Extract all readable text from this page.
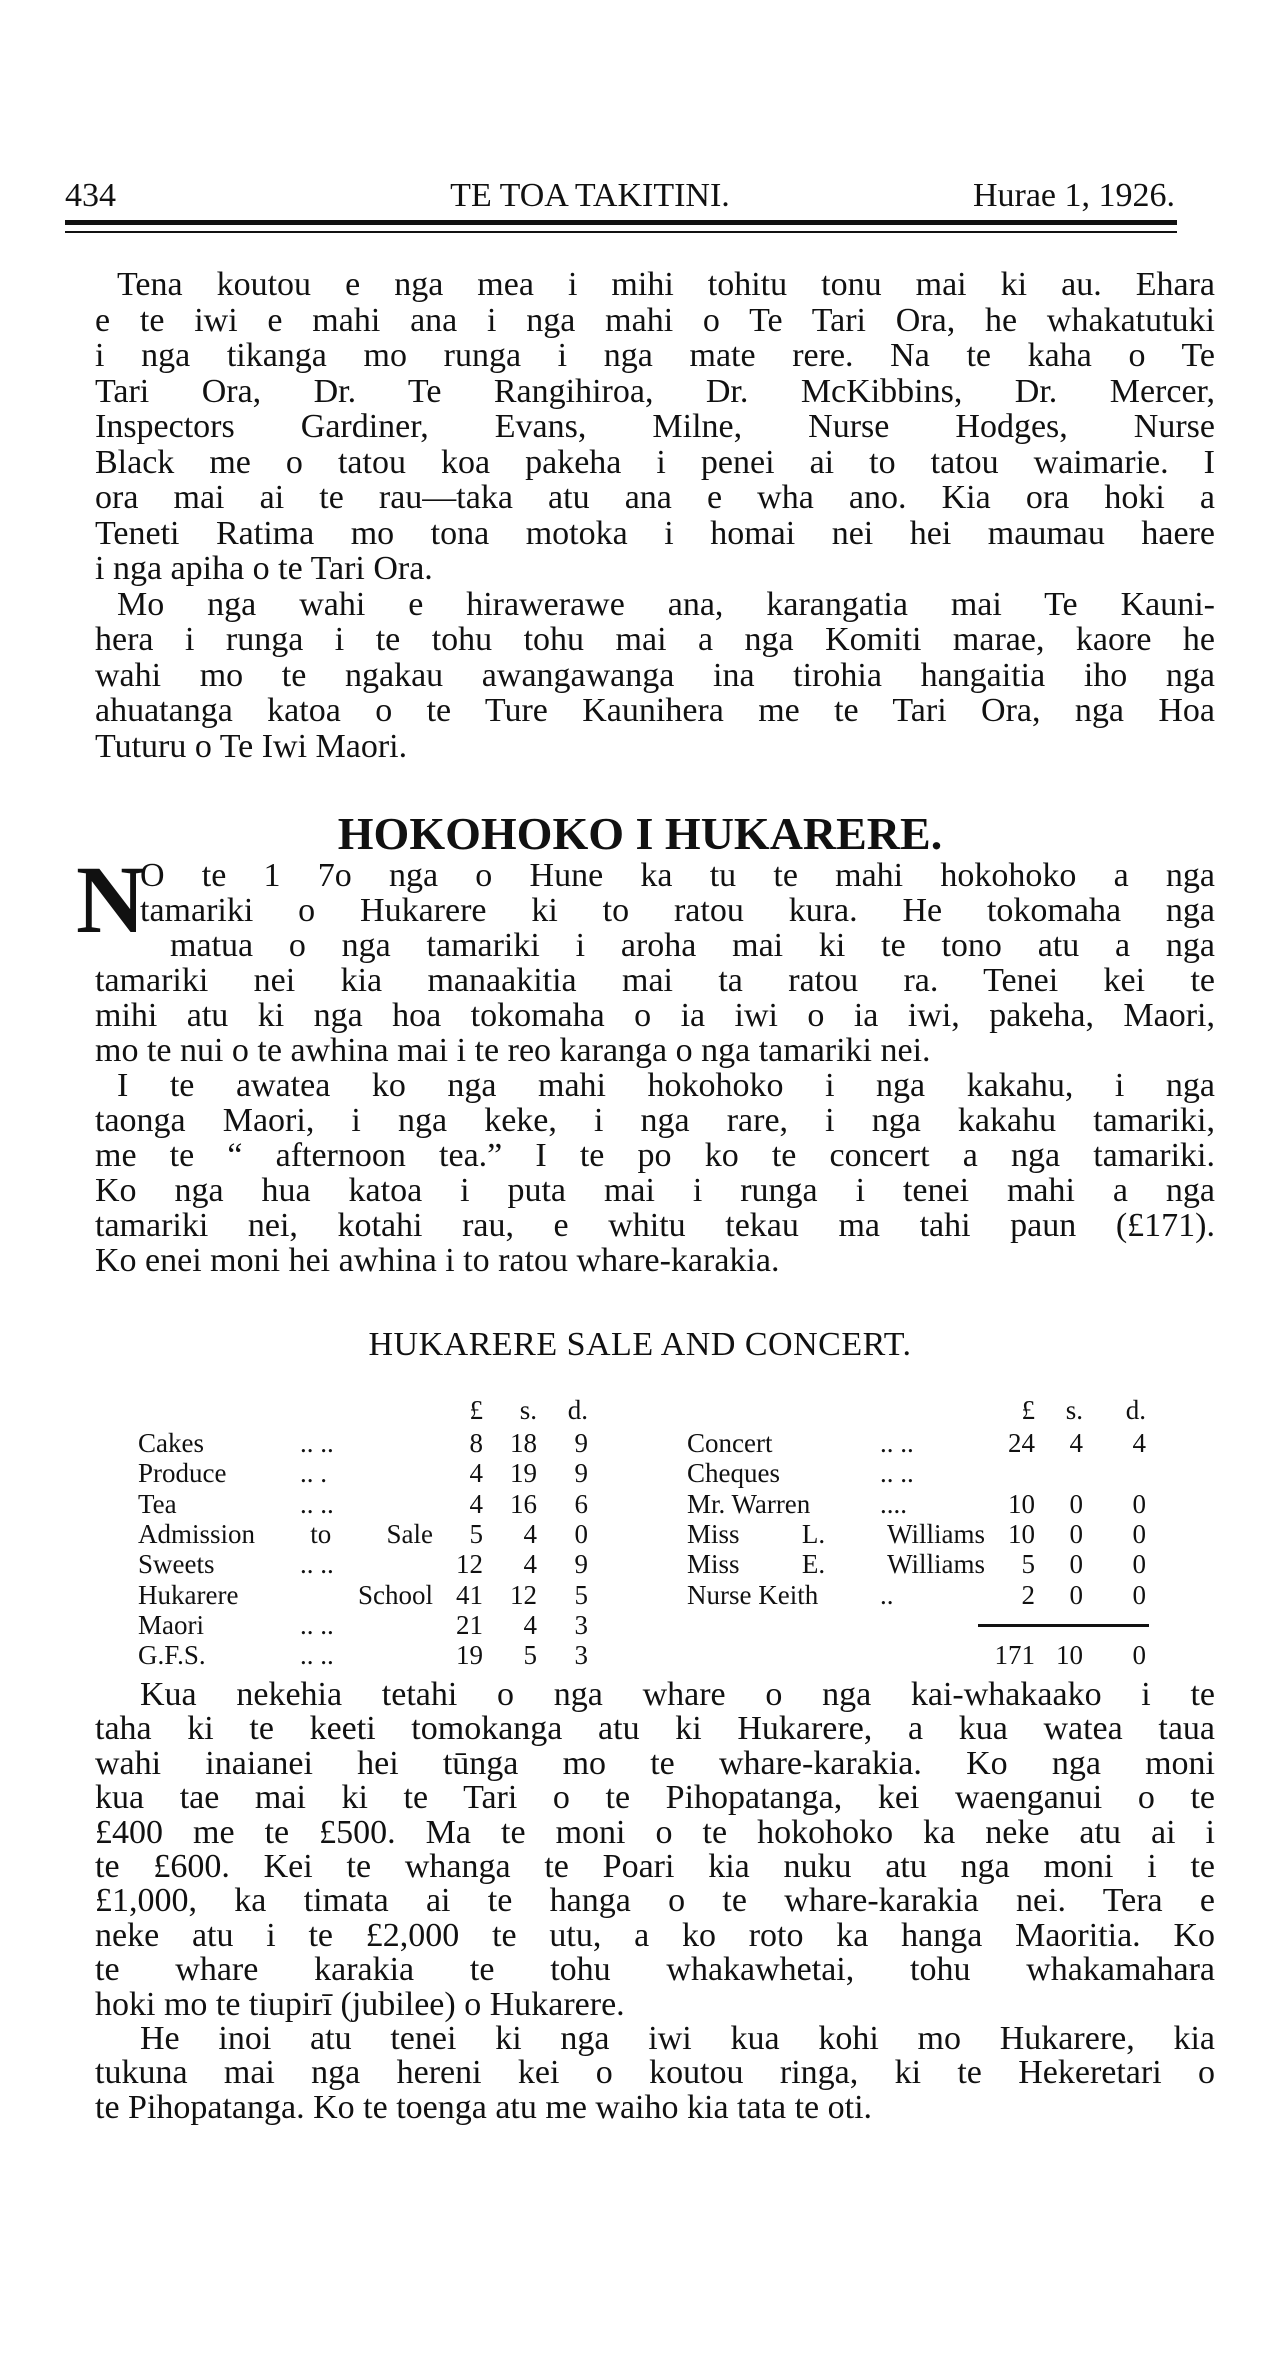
434	TE TOA TAKITINI.	Hurae 1, 1926.
Tena koutou e nga mea i mihi tohitu tonu mai ki au. Ehara
e te iwi e mahi ana i nga mahi o Te Tari Ora, he whakatutuki
i nga tikanga mo runga i nga mate rere. Na te kaha o Te
Tari Ora, Dr. Te Rangihiroa, Dr. McKibbins, Dr. Mercer,
Inspectors Gardiner, Evans, Milne, Nurse Hodges, Nurse
Black me o tatou koa pakeha i penei ai to tatou waimarie. I
ora mai ai te rau—taka atu ana e wha ano. Kia ora hoki a
Teneti Ratima mo tona motoka i homai nei hei maumau haere
i nga apiha o te Tari Ora.
Mo nga wahi e hirawerawe ana, karangatia mai Te Kauni-
hera i runga i te tohu tohu mai a nga Komiti marae, kaore he
wahi mo te ngakau awangawanga ina tirohia hangaitia iho nga
ahuatanga katoa o te Ture Kaunihera me te Tari Ora, nga Hoa
Tuturu o Te Iwi Maori.
HOKOHOKO I HUKARERE.
N
O te 1 7o nga o Hune ka tu te mahi hokohoko a nga
tamariki o Hukarere ki to ratou kura. He tokomaha nga
matua o nga tamariki i aroha mai ki te tono atu a nga
tamariki nei kia manaakitia mai ta ratou ra. Tenei kei te
mihi atu ki nga hoa tokomaha o ia iwi o ia iwi, pakeha, Maori,
mo te nui o te awhina mai i te reo karanga o nga tamariki nei.
I te awatea ko nga mahi hokohoko i nga kakahu, i nga
taonga Maori, i nga keke, i nga rare, i nga kakahu tamariki,
me te “ afternoon tea.” I te po ko te concert a nga tamariki.
Ko nga hua katoa i puta mai i runga i tenei mahi a nga
tamariki nei, kotahi rau, e whitu tekau ma tahi paun (£171).
Ko enei moni hei awhina i to ratou whare-karakia.
HUKARERE SALE AND CONCERT.
£	s.	d.
Cakes	.. ..	8	18	9
Produce	.. .	4	19	9
Tea	.. ..	4	16	6
Admission to Sale	5	4	0
Sweets	.. ..	12	4	9
Hukarere School 41	12	5
Maori	.. ..	21	4	3
G.F.S.	.. ..	19	5	3
£	s.	d.
Concert	.. ..	24	4	4
Cheques	.. ..
Mr. Warren	....	10	0	0
Miss L. Williams 10	0	0
Miss E. Williams	5	0	0
Nurse Keith ..	2	0	0
171 10	0
Kua nekehia tetahi o nga whare o nga kai-whakaako i te
taha ki te keeti tomokanga atu ki Hukarere, a kua watea taua
wahi inaianei hei tūnga mo te whare-karakia. Ko nga moni
kua tae mai ki te Tari o te Pihopatanga, kei waenganui o te
£400 me te £500. Ma te moni o te hokohoko ka neke atu ai i
te £600. Kei te whanga te Poari kia nuku atu nga moni i te
£1,000, ka timata ai te hanga o te whare-karakia nei. Tera e
neke atu i te £2,000 te utu, a ko roto ka hanga Maoritia. Ko
te whare karakia te tohu whakawhetai, tohu whakamahara
hoki mo te tiupirī (jubilee) o Hukarere.
He inoi atu tenei ki nga iwi kua kohi mo Hukarere, kia
tukuna mai nga hereni kei o koutou ringa, ki te Hekeretari o
te Pihopatanga. Ko te toenga atu me waiho kia tata te oti.
